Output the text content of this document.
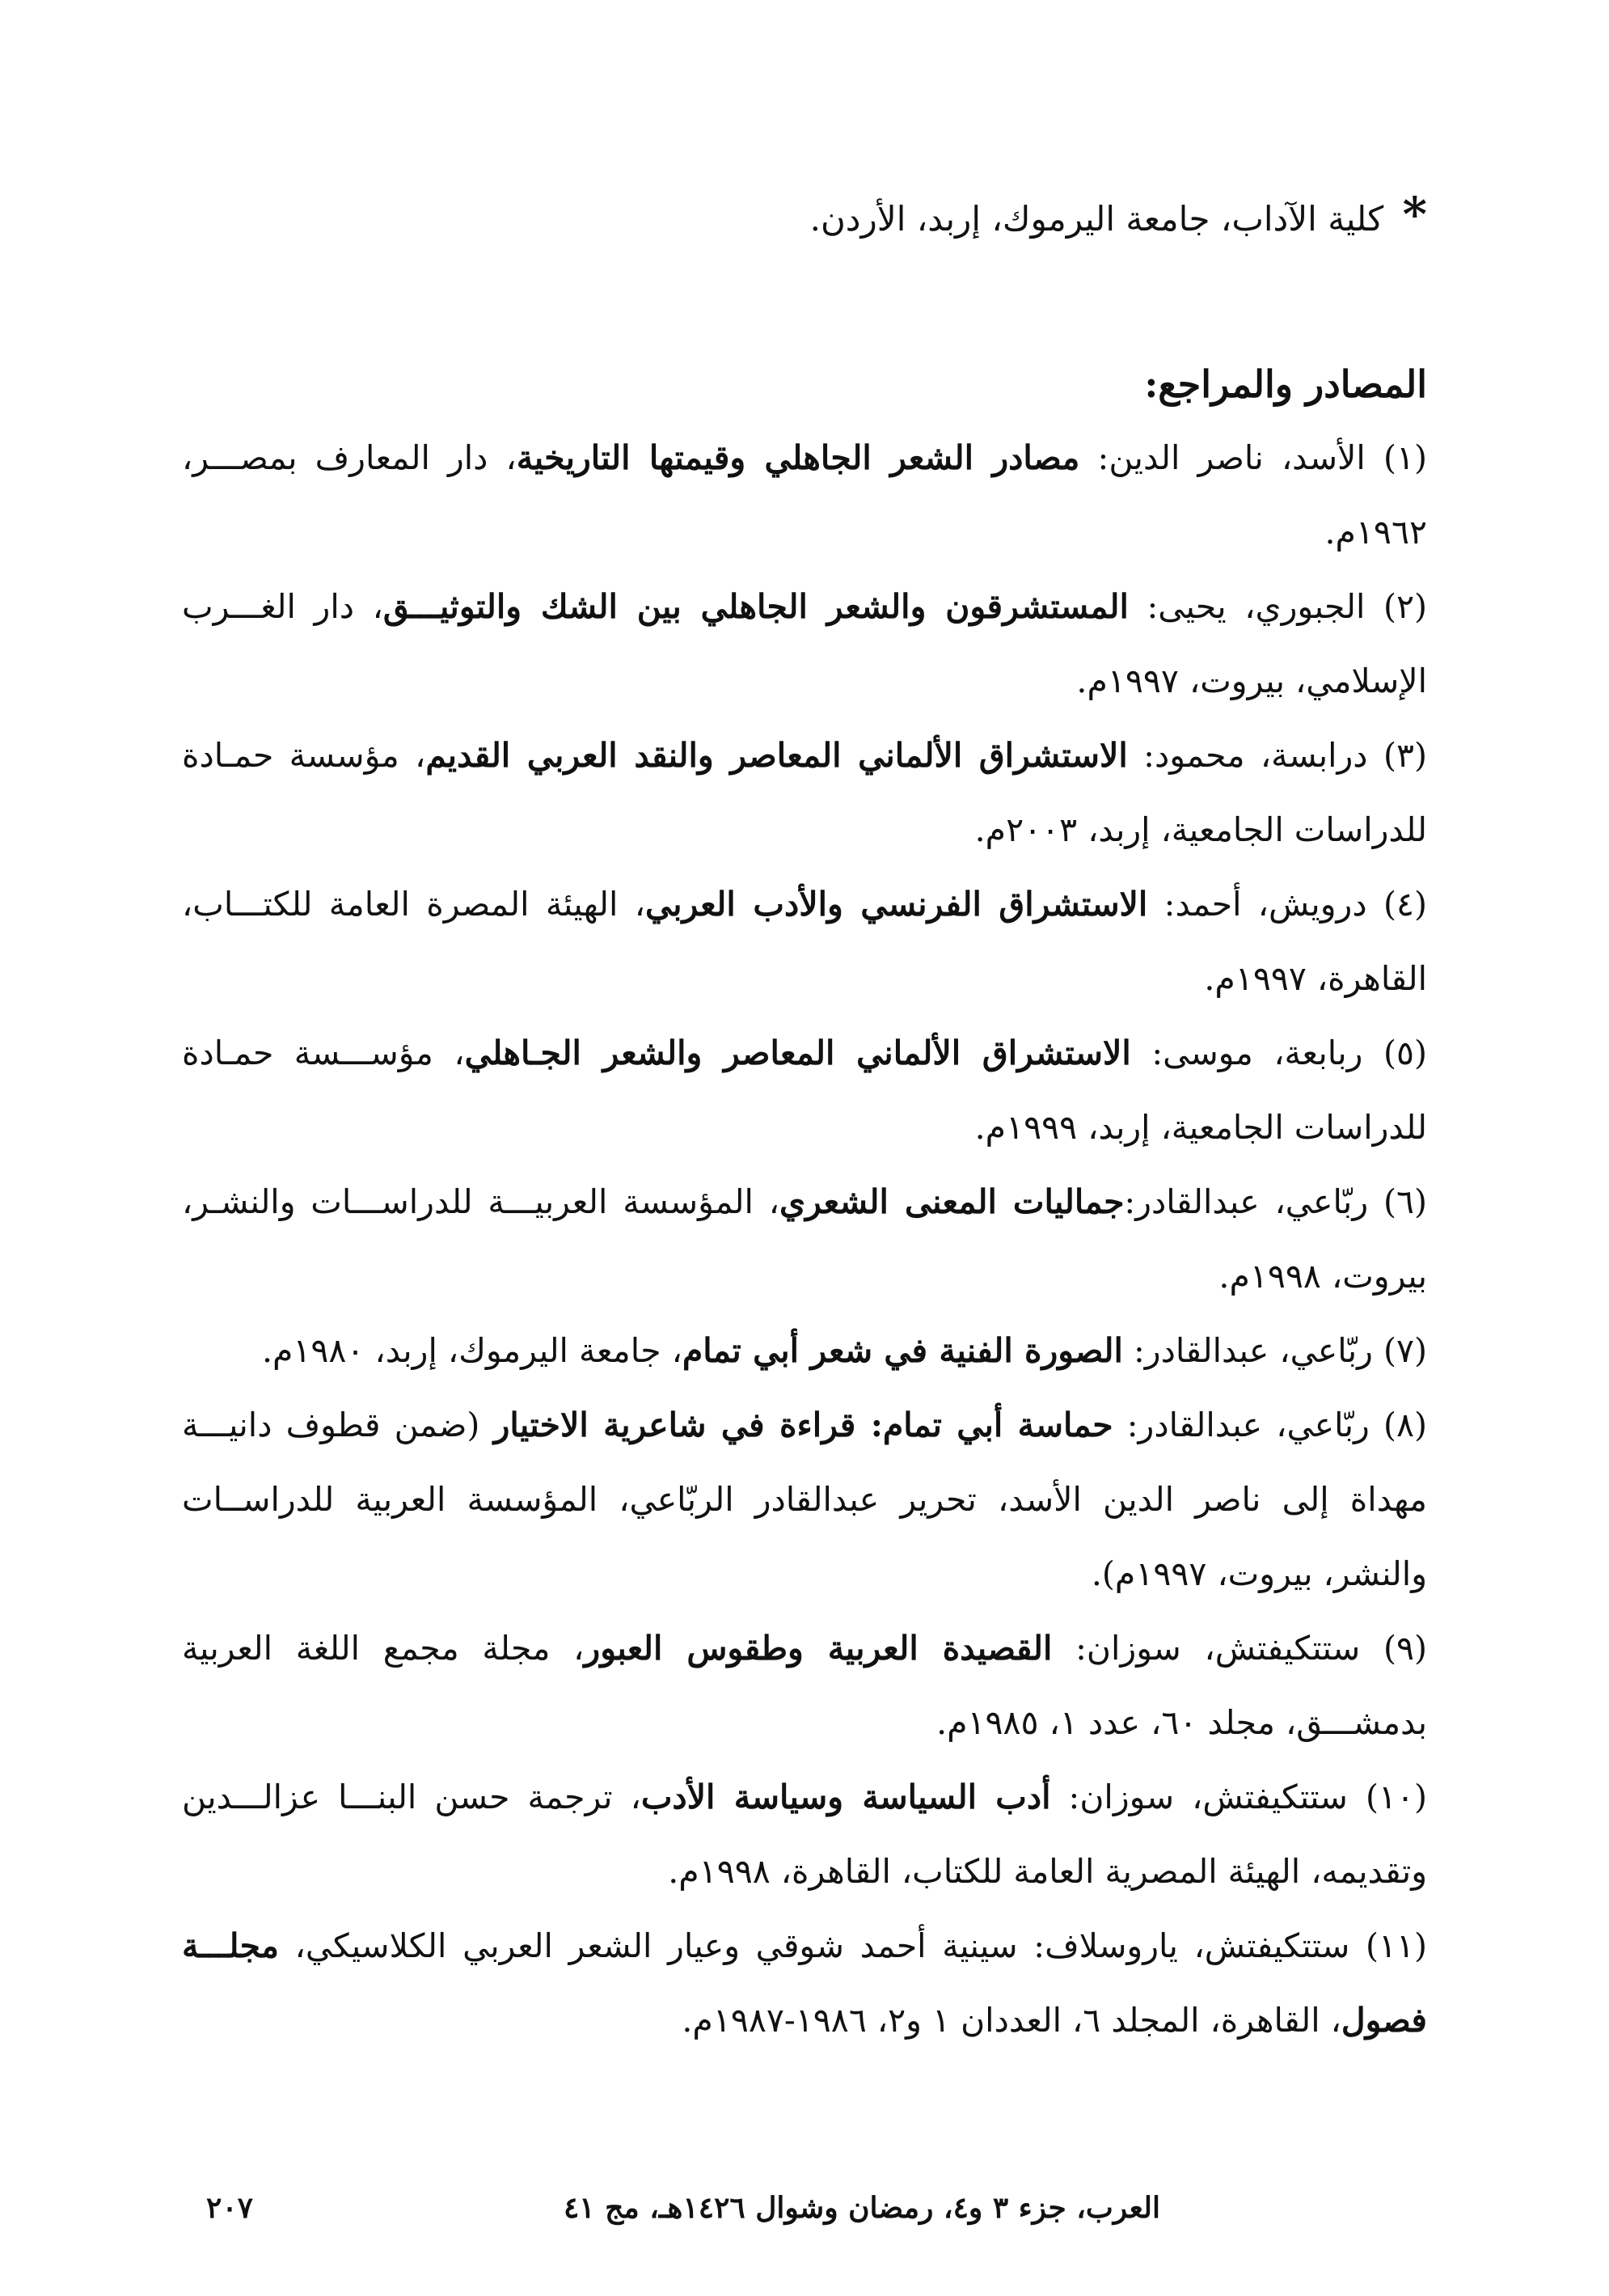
* كلية الآداب، جامعة اليرموك، إربد، الأردن.
المصادر والمراجع:
(١) الأسد، ناصر الدين: مصادر الشعر الجاهلي وقيمتها التاريخية، دار المعارف بمصـــر، ١٩٦٢م.
(٢) الجبوري، يحيى: المستشرقون والشعر الجاهلي بين الشك والتوثيـــق، دار الغـــرب الإسلامي، بيروت، ١٩٩٧م.
(٣) درابسة، محمود: الاستشراق الألماني المعاصر والنقد العربي القديم، مؤسسة حمـادة للدراسات الجامعية، إربد، ٢٠٠٣م.
(٤) درويش، أحمد: الاستشراق الفرنسي والأدب العربي، الهيئة المصرة العامة للكتـــاب، القاهرة، ١٩٩٧م.
(٥) ربابعة، موسى: الاستشراق الألماني المعاصر والشعر الجـاهلي، مؤســـسة حمـادة للدراسات الجامعية، إربد، ١٩٩٩م.
(٦) ربّاعي، عبدالقادر:جماليات المعنى الشعري، المؤسسة العربيـــة للدراســـات والنشـر، بيروت، ١٩٩٨م.
(٧) ربّاعي، عبدالقادر: الصورة الفنية في شعر أبي تمام، جامعة اليرموك، إربد، ١٩٨٠م.
(٨) ربّاعي، عبدالقادر: حماسة أبي تمام: قراءة في شاعرية الاختيار (ضمن قطوف دانيـــة مهداة إلى ناصر الدين الأسد، تحرير عبدالقادر الربّاعي، المؤسسة العربية للدراســات والنشر، بيروت، ١٩٩٧م).
(٩) ستتكيفتش، سوزان: القصيدة العربية وطقوس العبور، مجلة مجمع اللغة العربية بدمشـــق، مجلد ٦٠، عدد ١، ١٩٨٥م.
(١٠) ستتكيفتش، سوزان: أدب السياسة وسياسة الأدب، ترجمة حسن البنـــا عزالـــدين وتقديمه، الهيئة المصرية العامة للكتاب، القاهرة، ١٩٩٨م.
(١١) ستتكيفتش، ياروسلاف: سينية أحمد شوقي وعيار الشعر العربي الكلاسيكي، مجلـــة فصول، القاهرة، المجلد ٦، العددان ١ و٢، ١٩٨٦-١٩٨٧م.
العرب، جزء ٣ و٤، رمضان وشوال ١٤٢٦هـ، مج ٤١
٢٠٧
